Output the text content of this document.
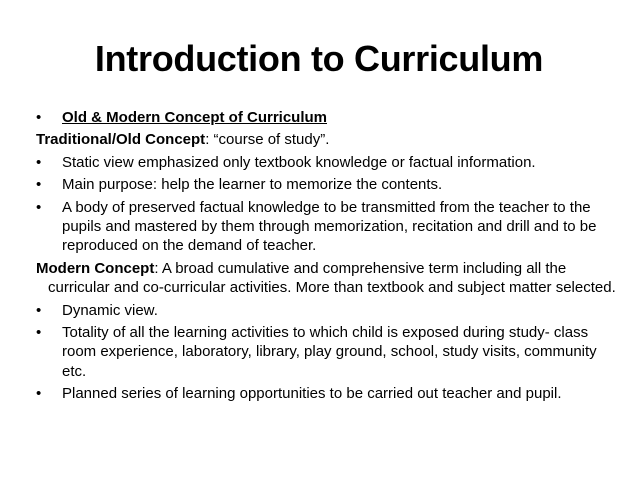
Introduction to Curriculum
•	Old & Modern Concept of Curriculum
Traditional/Old Concept: “course of study”.
•	Static view emphasized only textbook knowledge or factual information.
•	Main purpose: help the learner to memorize the contents.
•	A body of preserved factual knowledge to be transmitted from the teacher to the pupils and mastered by them through memorization, recitation and drill and to be reproduced on the demand of teacher.
Modern Concept: A broad cumulative and comprehensive term including all the curricular and co-curricular activities. More than textbook and subject matter selected.
•	Dynamic view.
•	Totality of all the learning activities to which child is exposed during study- class room experience, laboratory, library, play ground, school, study visits, community etc.
•	Planned series of learning opportunities to be carried out teacher and pupil.
